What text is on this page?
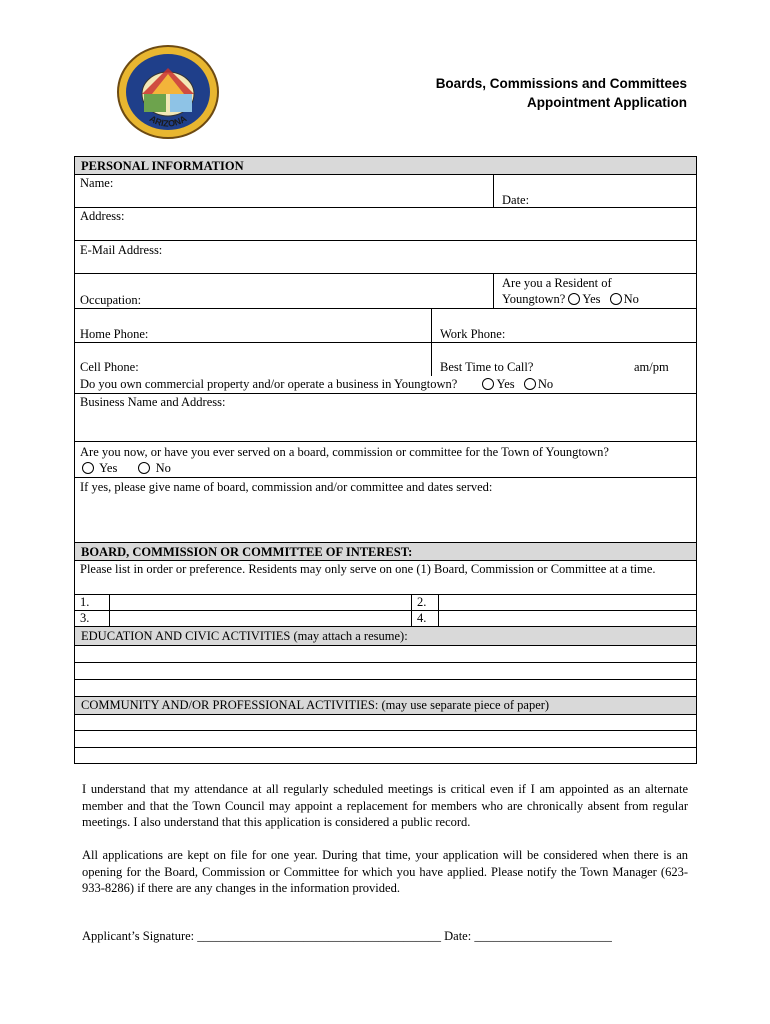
ARIZONA
Boards, Commissions and Committees
Appointment Application
PERSONAL INFORMATION
Name:
Date:
Address:
E-Mail Address:
Occupation:
Are you a Resident of
Youngtown? Yes No
Home Phone:	Work Phone:
Cell Phone:	Best Time to Call?	am/pm
Do you own commercial property and/or operate a business in Youngtown?	Yes No
Business Name and Address:
Are you now, or have you ever served on a board, commission or committee for the Town of Youngtown?
Yes	No
If yes, please give name of board, commission and/or committee and dates served:
BOARD, COMMISSION OR COMMITTEE OF INTEREST:
Please list in order or preference. Residents may only serve on one (1) Board, Commission or Committee at a time.
1.	2.
3.	4.
EDUCATION AND CIVIC ACTIVITIES (may attach a resume):
COMMUNITY AND/OR PROFESSIONAL ACTIVITIES: (may use separate piece of paper)
I understand that my attendance at all regularly scheduled meetings is critical even if I am appointed as an alternate member and that the Town Council may appoint a replacement for members who are chronically absent from regular meetings. I also understand that this application is considered a public record.
All applications are kept on file for one year. During that time, your application will be considered when there is an opening for the Board, Commission or Committee for which you have applied. Please notify the Town Manager (623-933-8286) if there are any changes in the information provided.
Applicant’s Signature: _______________________________________ Date: ______________________
